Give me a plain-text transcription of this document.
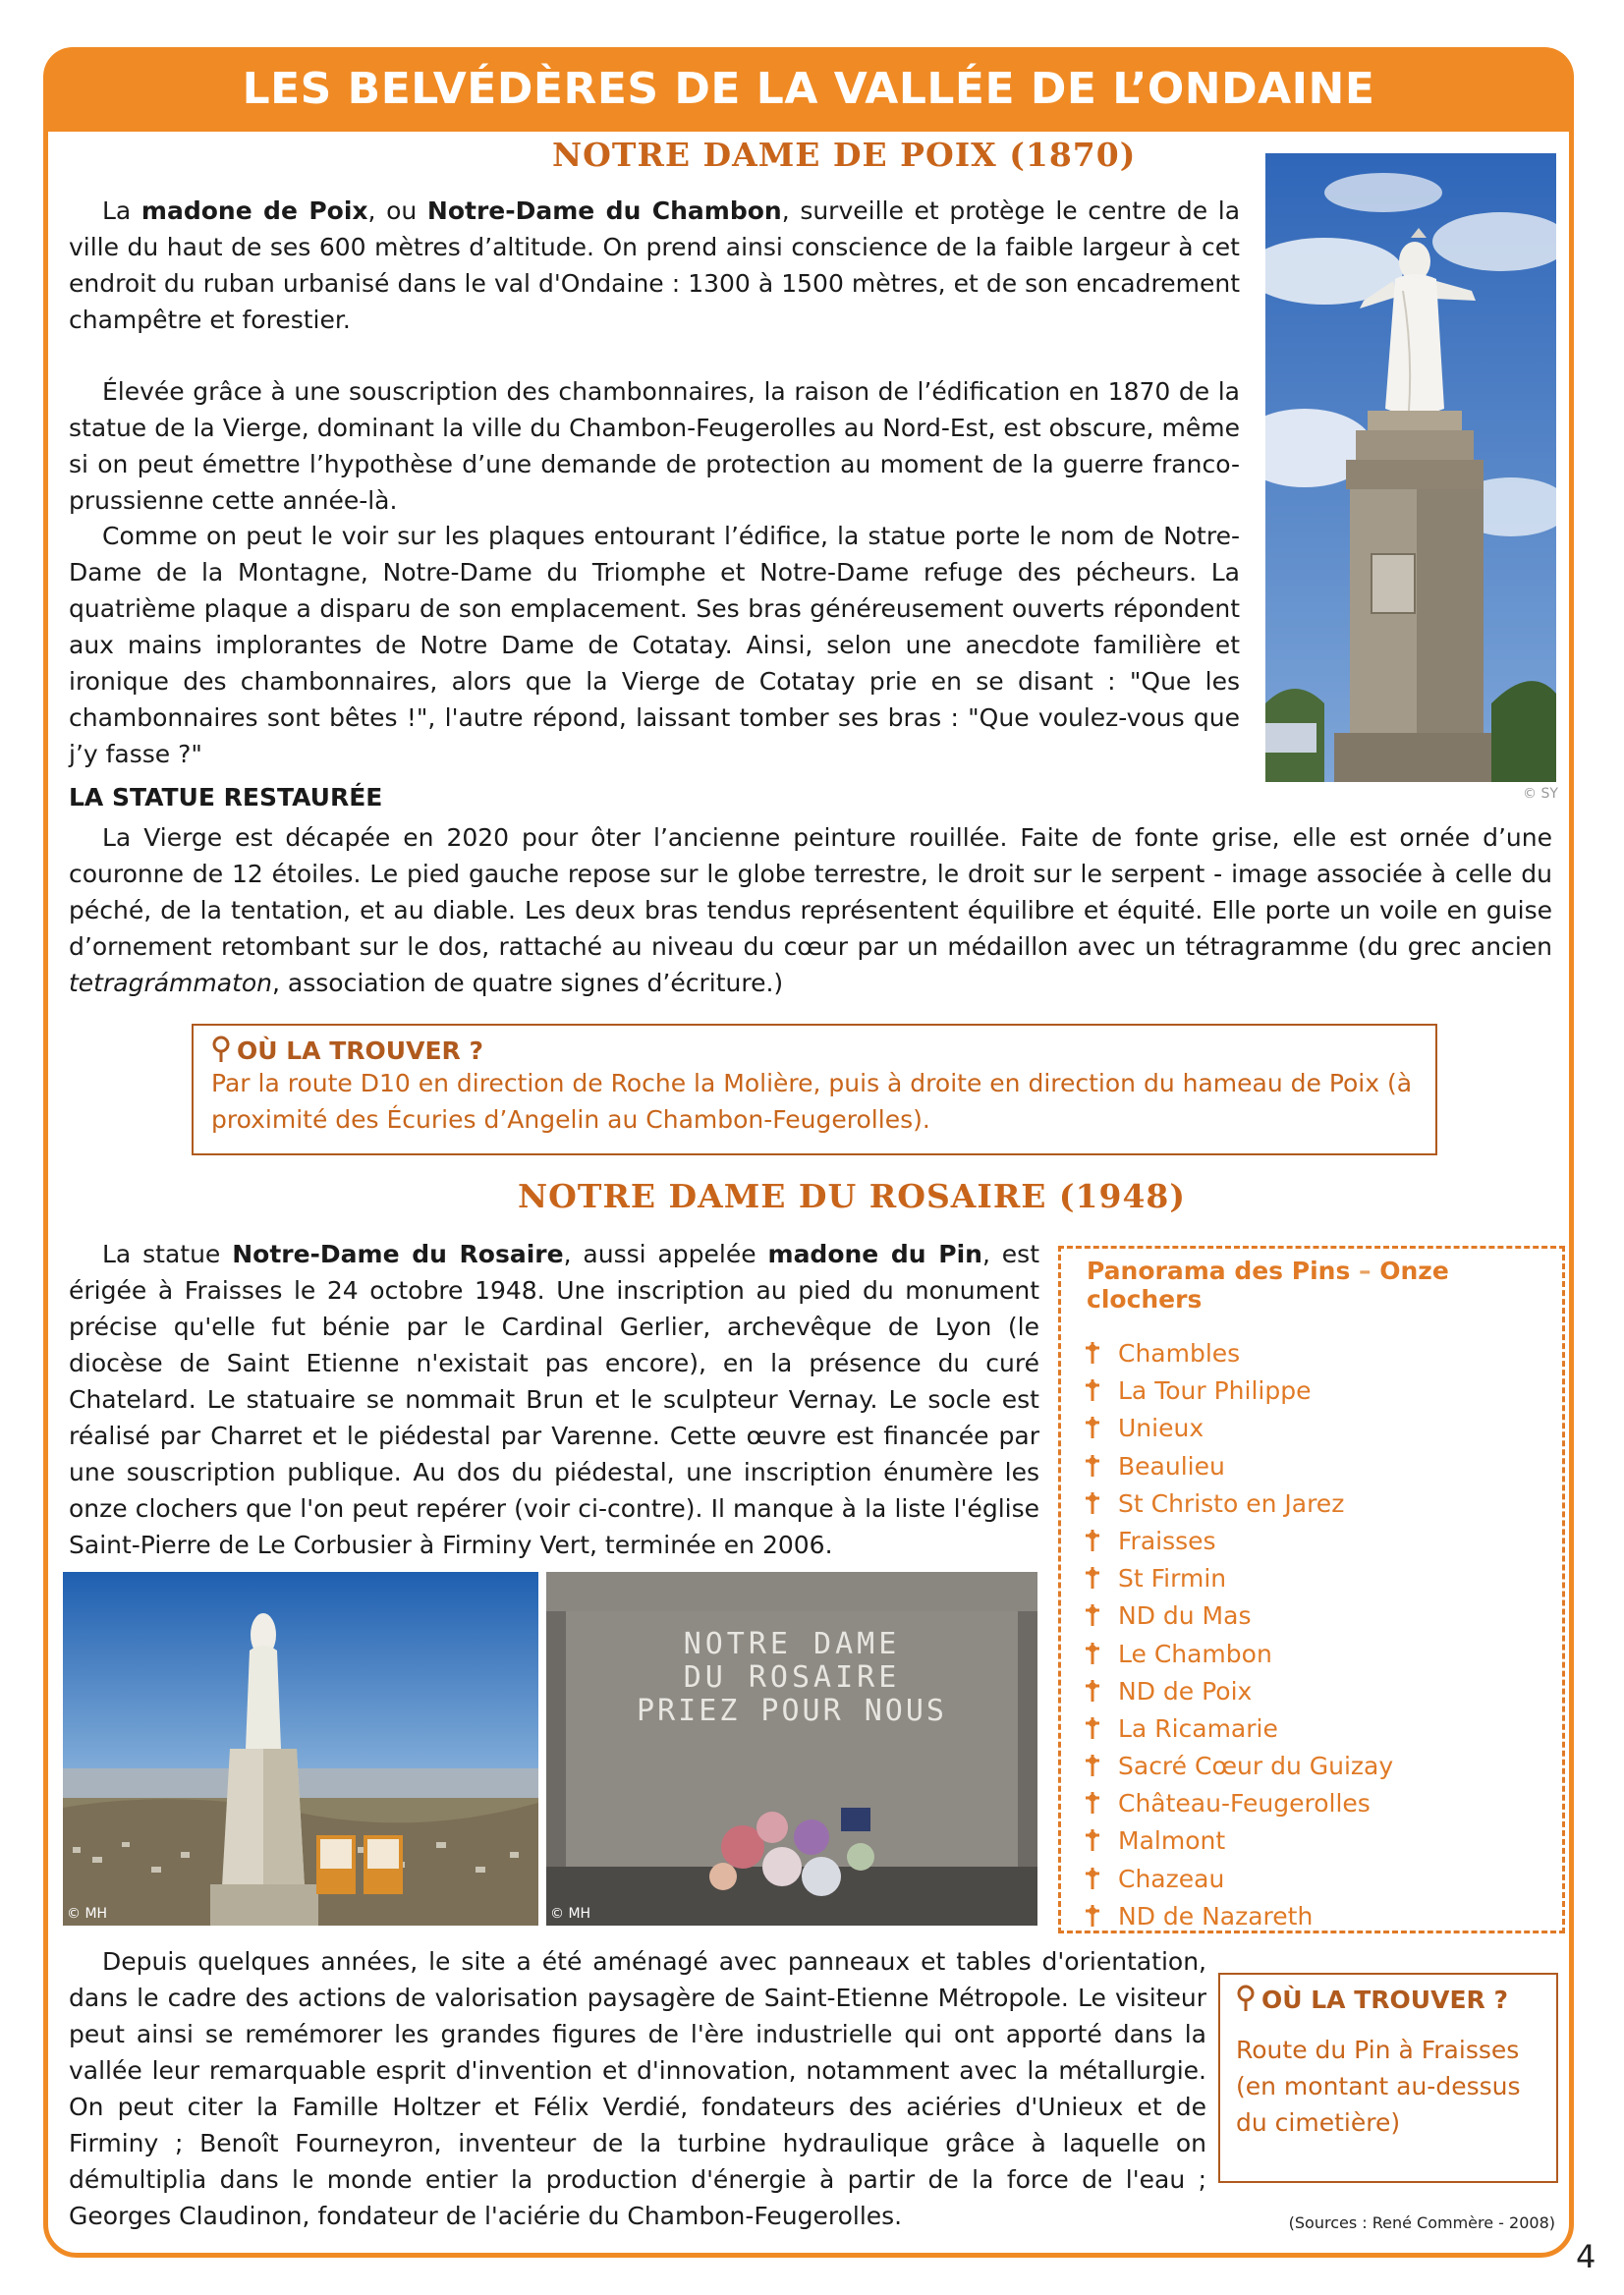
LES BELVÉDÈRES DE LA VALLÉE DE L’ONDAINE
NOTRE DAME DE POIX (1870)

La madone de Poix, ou Notre-Dame du Chambon, surveille et protège le centre de la ville du haut de ses 600 mètres d’altitude. On prend ainsi conscience de la faible largeur à cet endroit du ruban urbanisé dans le val d'Ondaine : 1300 à 1500 mètres, et de son encadrement champêtre et forestier.

Élevée grâce à une souscription des chambonnaires, la raison de l’édification en 1870 de la statue de la Vierge, dominant la ville du Chambon-Feugerolles au Nord-Est, est obscure, même si on peut émettre l’hypothèse d’une demande de protection au moment de la guerre franco-prussienne cette année-là.

Comme on peut le voir sur les plaques entourant l’édifice, la statue porte le nom de Notre-Dame de la Montagne, Notre-Dame du Triomphe et Notre-Dame refuge des pécheurs. La quatrième plaque a disparu de son emplacement. Ses bras généreusement ouverts répondent aux mains implorantes de Notre Dame de Cotatay. Ainsi, selon une anecdote familière et ironique des chambonnaires, alors que la Vierge de Cotatay prie en se disant : "Que les chambonnaires sont bêtes !", l'autre répond, laissant tomber ses bras : "Que voulez-vous que j’y fasse ?"

© SY
LA STATUE RESTAURÉE

La Vierge est décapée en 2020 pour ôter l’ancienne peinture rouillée. Faite de fonte grise, elle est ornée d’une couronne de 12 étoiles. Le pied gauche repose sur le globe terrestre, le droit sur le serpent - image associée à celle du péché, de la tentation, et au diable. Les deux bras tendus représentent équilibre et équité. Elle porte un voile en guise d’ornement retombant sur le dos, rattaché au niveau du cœur par un médaillon avec un tétragramme (du grec ancien tetragrámmaton, association de quatre signes d’écriture.)

OÙ LA TROUVER ?
Par la route D10 en direction de Roche la Molière, puis à droite en direction du hameau de Poix (à proximité des Écuries d’Angelin au Chambon-Feugerolles).
NOTRE DAME DU ROSAIRE (1948)

La statue Notre-Dame du Rosaire, aussi appelée madone du Pin, est érigée à Fraisses le 24 octobre 1948. Une inscription au pied du monument précise qu'elle fut bénie par le Cardinal Gerlier, archevêque de Lyon (le diocèse de Saint Etienne n'existait pas encore), en la présence du curé Chatelard. Le statuaire se nommait Brun et le sculpteur Vernay. Le socle est réalisé par Charret et le piédestal par Varenne. Cette œuvre est financée par une souscription publique. Au dos du piédestal, une inscription énumère les onze clochers que l'on peut repérer (voir ci-contre). Il manque à la liste l'église Saint-Pierre de Le Corbusier à Firminy Vert, terminée en 2006.

© MH
NOTRE DAME
DU ROSAIRE
PRIEZ POUR NOUS
© MH
Panorama des Pins – Onze clochers
Chambles
La Tour Philippe
Unieux
Beaulieu
St Christo en Jarez
Fraisses
St Firmin
ND du Mas
Le Chambon
ND de Poix
La Ricamarie
Sacré Cœur du Guizay
Château-Feugerolles
Malmont
Chazeau
ND de Nazareth

Depuis quelques années, le site a été aménagé avec panneaux et tables d'orientation, dans le cadre des actions de valorisation paysagère de Saint-Etienne Métropole. Le visiteur peut ainsi se remémorer les grandes figures de l'ère industrielle qui ont apporté dans la vallée leur remarquable esprit d'invention et d'innovation, notamment avec la métallurgie. On peut citer la Famille Holtzer et Félix Verdié, fondateurs des aciéries d'Unieux et de Firminy ; Benoît Fourneyron, inventeur de la turbine hydraulique grâce à laquelle on démultiplia dans le monde entier la production d'énergie à partir de la force de l'eau ; Georges Claudinon, fondateur de l'aciérie du Chambon-Feugerolles.

OÙ LA TROUVER ?
Route du Pin à Fraisses (en montant au-dessus du cimetière)
(Sources : René Commère - 2008)
4
